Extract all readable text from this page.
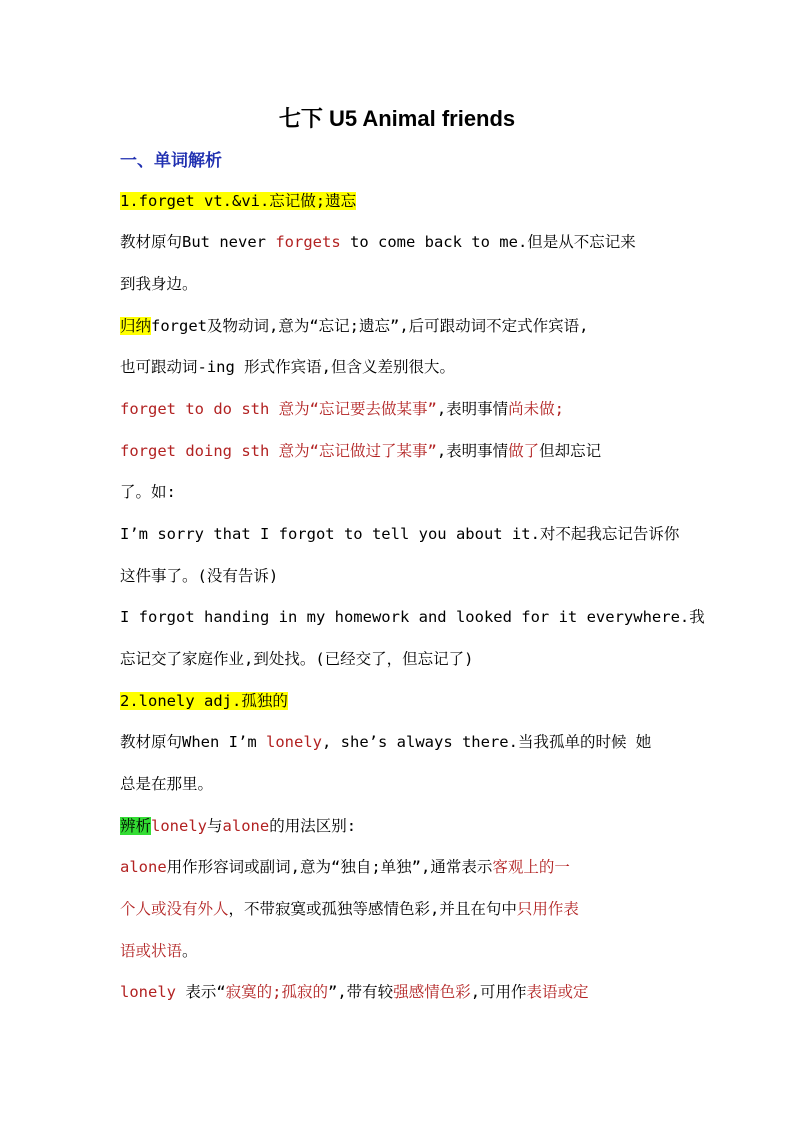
七下 U5 Animal friends
一、单词解析
1.forget vt.&vi.忘记做;遗忘
教材原句But never forgets to come back to me.但是从不忘记来
到我身边。
归纳forget及物动词,意为“忘记;遗忘”,后可跟动词不定式作宾语,
也可跟动词-ing 形式作宾语,但含义差别很大。
forget to do sth 意为“忘记要去做某事”,表明事情尚未做;
forget doing sth 意为“忘记做过了某事”,表明事情做了但却忘记
了。如:
I’m sorry that I forgot to tell you about it.对不起我忘记告诉你
这件事了。(没有告诉)
I forgot handing in my homework and looked for it everywhere.我
忘记交了家庭作业,到处找。(已经交了，但忘记了)
2.lonely adj.孤独的
教材原句When I’m lonely, she’s always there.当我孤单的时候 她
总是在那里。
辨析lonely与alone的用法区别:
alone用作形容词或副词,意为“独自;单独”,通常表示客观上的一
个人或没有外人，不带寂寞或孤独等感情色彩,并且在句中只用作表
语或状语。
lonely 表示“寂寞的;孤寂的”,带有较强感情色彩,可用作表语或定
